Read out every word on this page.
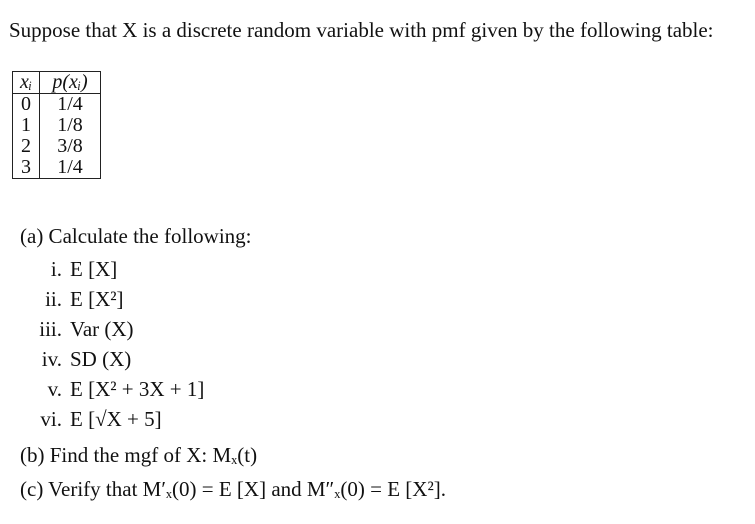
Suppose that X is a discrete random variable with pmf given by the following table:
xᵢ	p(xᵢ)
0	1/4
1	1/8
2	3/8
3	1/4
(a) Calculate the following:
i. E [X]
ii. E [X²]
iii. Var (X)
iv. SD (X)
v. E [X² + 3X + 1]
vi. E [√X + 5]
(b) Find the mgf of X: Mₓ(t)
(c) Verify that M′ₓ(0) = E [X] and M″ₓ(0) = E [X²].
